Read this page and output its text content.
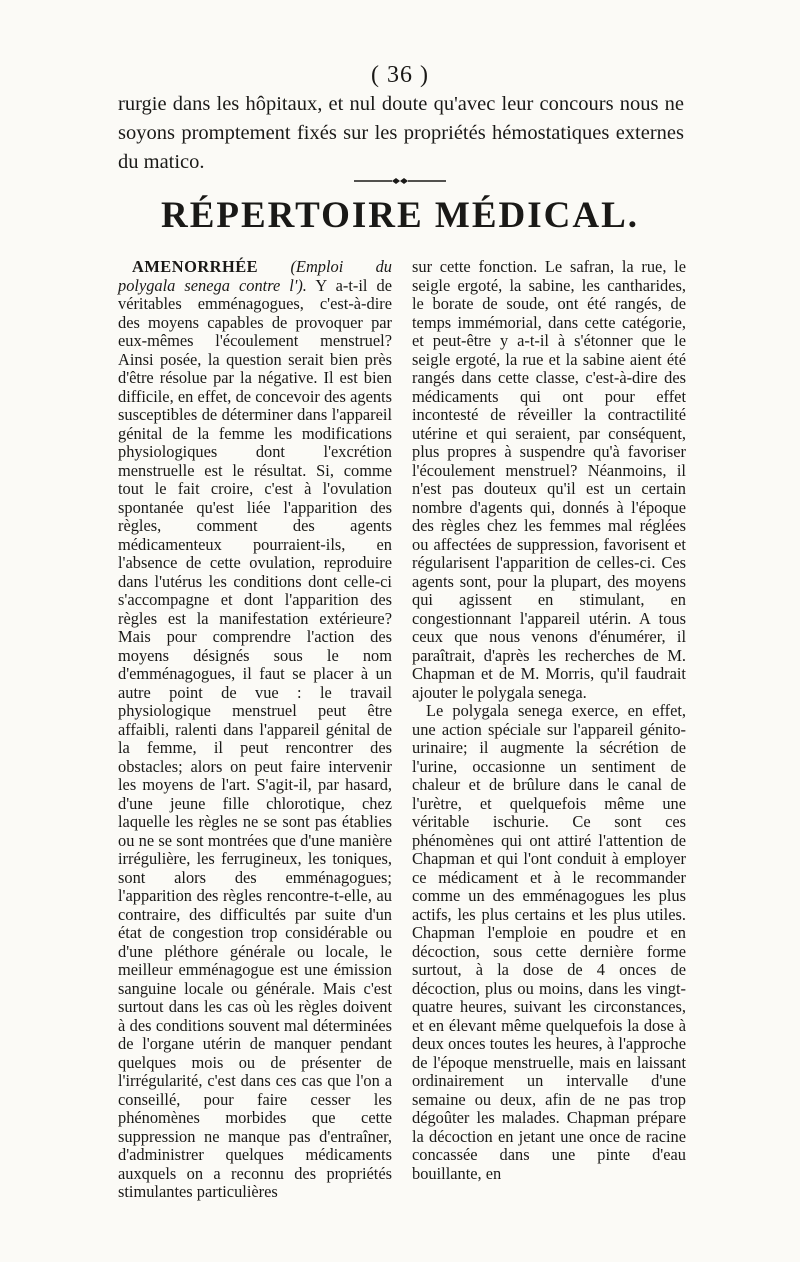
( 36 )
rurgie dans les hôpitaux, et nul doute qu'avec leur concours nous ne soyons promptement fixés sur les propriétés hémostatiques externes du matico.
RÉPERTOIRE MÉDICAL.

AMENORRHÉE (Emploi du polygala senega contre l'). Y a-t-il de véritables emménagogues, c'est-à-dire des moyens capables de provoquer par eux-mêmes l'écoulement menstruel? Ainsi posée, la question serait bien près d'être résolue par la négative. Il est bien difficile, en effet, de concevoir des agents susceptibles de déterminer dans l'appareil génital de la femme les modifications physiologiques dont l'excrétion menstruelle est le résultat. Si, comme tout le fait croire, c'est à l'ovulation spontanée qu'est liée l'apparition des règles, comment des agents médicamenteux pourraient-ils, en l'absence de cette ovulation, reproduire dans l'utérus les conditions dont celle-ci s'accompagne et dont l'apparition des règles est la manifestation extérieure? Mais pour comprendre l'action des moyens désignés sous le nom d'emménagogues, il faut se placer à un autre point de vue : le travail physiologique menstruel peut être affaibli, ralenti dans l'appareil génital de la femme, il peut rencontrer des obstacles; alors on peut faire intervenir les moyens de l'art. S'agit-il, par hasard, d'une jeune fille chlorotique, chez laquelle les règles ne se sont pas établies ou ne se sont montrées que d'une manière irrégulière, les ferrugineux, les toniques, sont alors des emménagogues; l'apparition des règles rencontre-t-elle, au contraire, des difficultés par suite d'un état de congestion trop considérable ou d'une pléthore générale ou locale, le meilleur emménagogue est une émission sanguine locale ou générale. Mais c'est surtout dans les cas où les règles doivent à des conditions souvent mal déterminées de l'organe utérin de manquer pendant quelques mois ou de présenter de l'irrégularité, c'est dans ces cas que l'on a conseillé, pour faire cesser les phénomènes morbides que cette suppression ne manque pas d'entraîner, d'administrer quelques médicaments auxquels on a reconnu des propriétés stimulantes particulières

sur cette fonction. Le safran, la rue, le seigle ergoté, la sabine, les cantharides, le borate de soude, ont été rangés, de temps immémorial, dans cette catégorie, et peut-être y a-t-il à s'étonner que le seigle ergoté, la rue et la sabine aient été rangés dans cette classe, c'est-à-dire des médicaments qui ont pour effet incontesté de réveiller la contractilité utérine et qui seraient, par conséquent, plus propres à suspendre qu'à favoriser l'écoulement menstruel? Néanmoins, il n'est pas douteux qu'il est un certain nombre d'agents qui, donnés à l'époque des règles chez les femmes mal réglées ou affectées de suppression, favorisent et régularisent l'apparition de celles-ci. Ces agents sont, pour la plupart, des moyens qui agissent en stimulant, en congestionnant l'appareil utérin. A tous ceux que nous venons d'énumérer, il paraîtrait, d'après les recherches de M. Chapman et de M. Morris, qu'il faudrait ajouter le polygala senega.

Le polygala senega exerce, en effet, une action spéciale sur l'appareil génito-urinaire; il augmente la sécrétion de l'urine, occasionne un sentiment de chaleur et de brûlure dans le canal de l'urètre, et quelquefois même une véritable ischurie. Ce sont ces phénomènes qui ont attiré l'attention de Chapman et qui l'ont conduit à employer ce médicament et à le recommander comme un des emménagogues les plus actifs, les plus certains et les plus utiles. Chapman l'emploie en poudre et en décoction, sous cette dernière forme surtout, à la dose de 4 onces de décoction, plus ou moins, dans les vingt-quatre heures, suivant les circonstances, et en élevant même quelquefois la dose à deux onces toutes les heures, à l'approche de l'époque menstruelle, mais en laissant ordinairement un intervalle d'une semaine ou deux, afin de ne pas trop dégoûter les malades. Chapman prépare la décoction en jetant une once de racine concassée dans une pinte d'eau bouillante, en
